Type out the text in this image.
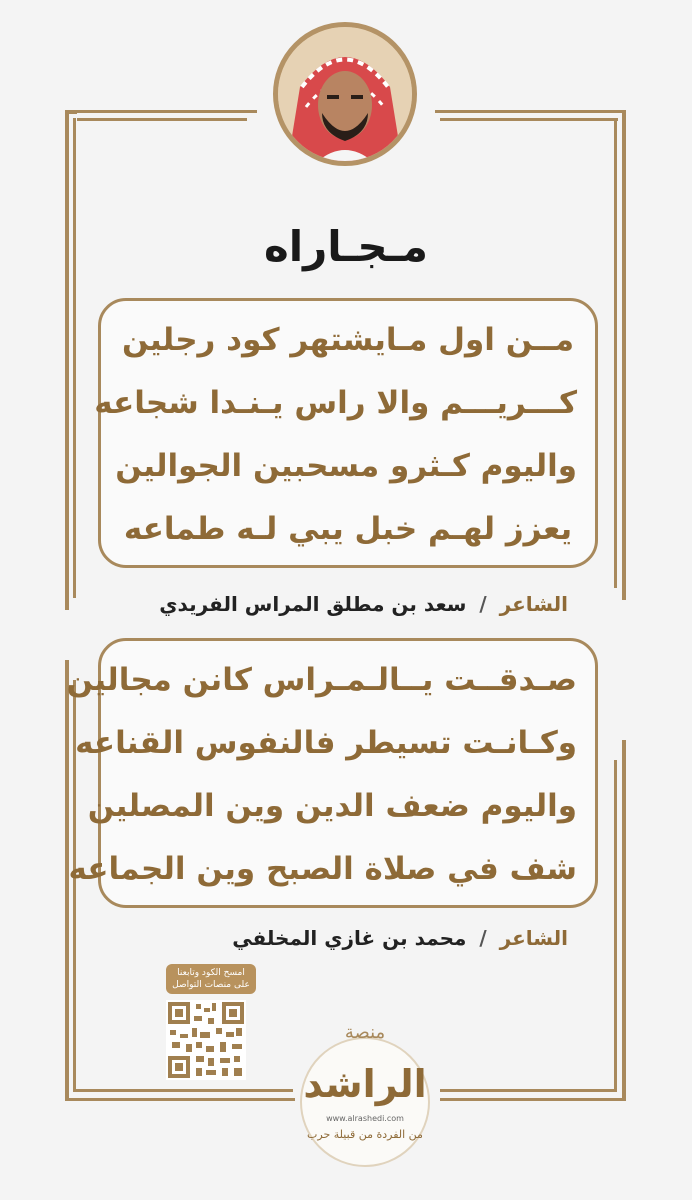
مـجـاراه
مــن اول مـايشتهر كود رجلين
كـــريـــم والا راس يـنـدا شجاعه
واليوم كـثرو مسحبين الجوالين
يعزز لهـم خبل يبي لـه طماعه
الشاعر / سعد بن مطلق المراس الفريدي
صـدقــت يــالـمـراس كانن مجالين
وكـانـت تسيطر فالنفوس القناعه
واليوم ضعف الدين وين المصلين
شف في صلاة الصبح وين الجماعه
الشاعر / محمد بن غازي المخلفي
امسح الكود وتابعنا على منصات التواصل
منصة
الراشد
www.alrashedi.com
من الفردة من قبيلة حرب
